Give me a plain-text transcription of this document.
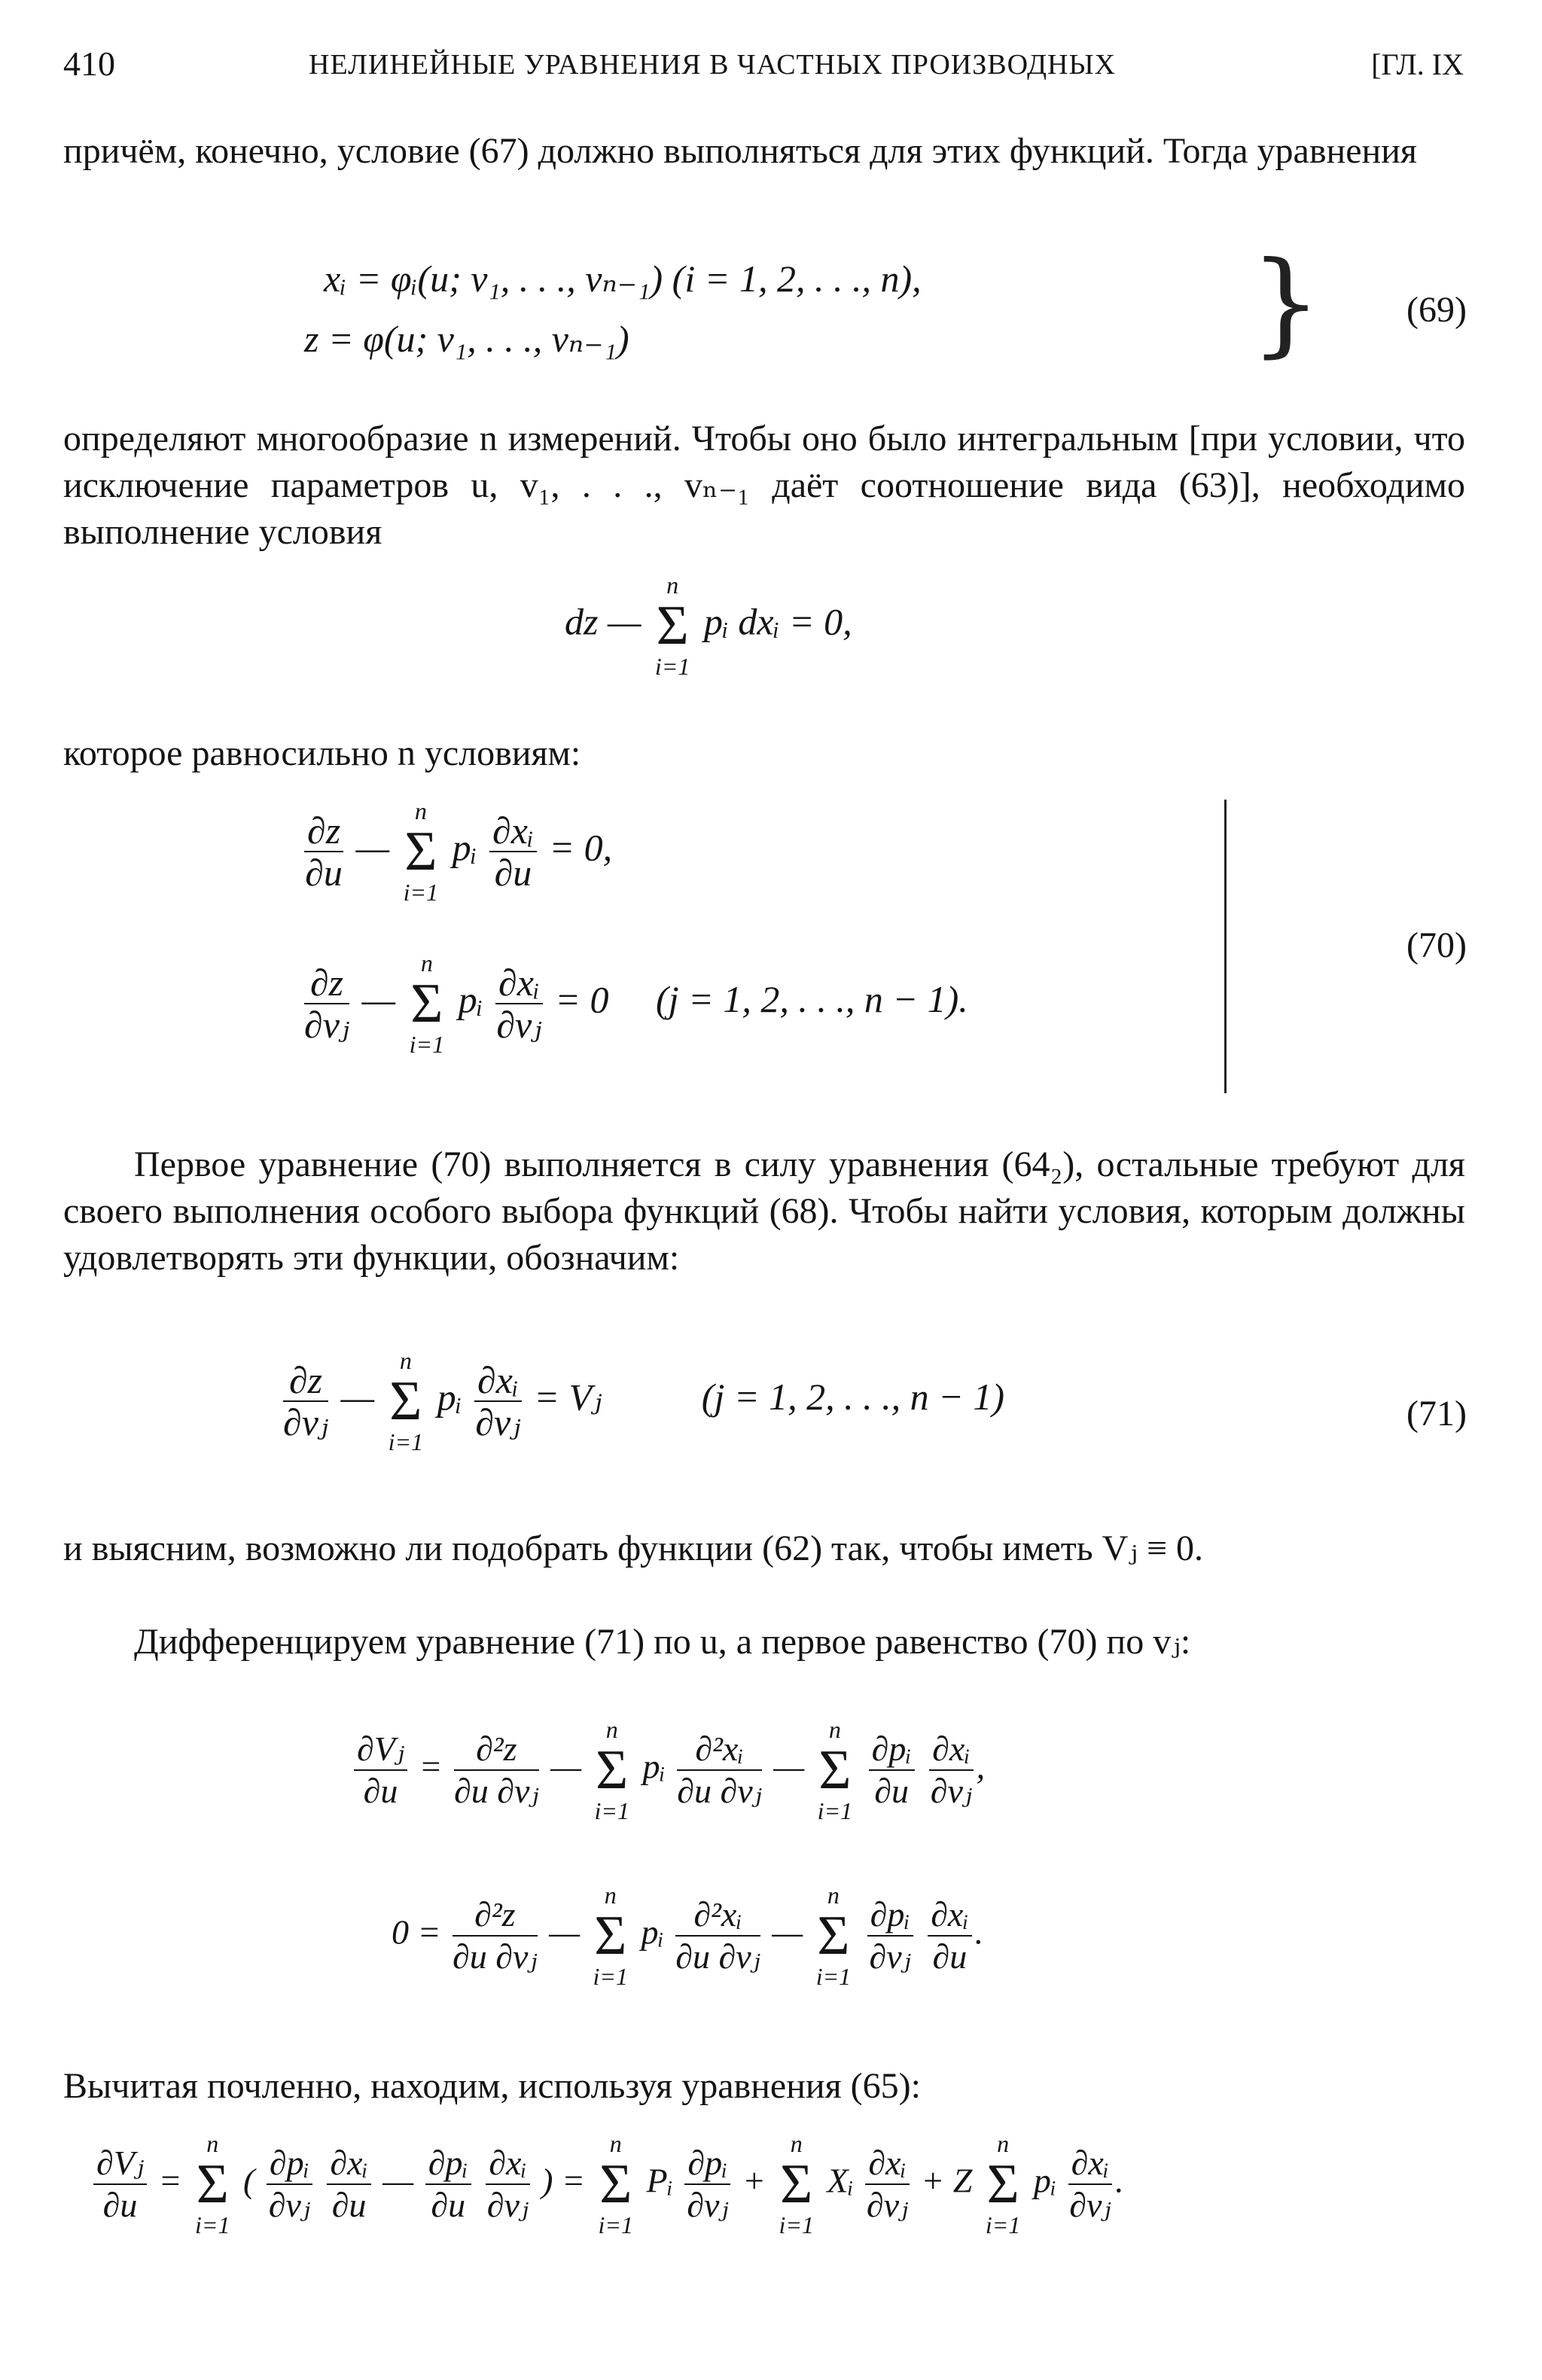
410	НЕЛИНЕЙНЫЕ УРАВНЕНИЯ В ЧАСТНЫХ ПРОИЗВОДНЫХ	[ГЛ. IX

причём, конечно, условие (67) должно выполняться для этих функций. Тогда уравнения

xᵢ = φᵢ(u; v₁, . . ., vₙ₋₁) (i = 1, 2, . . ., n),
z = φ(u; v₁, . . ., vₙ₋₁)	} (69)

определяют многообразие n измерений. Чтобы оно было интегральным [при условии, что исключение параметров u, v₁, . . ., vₙ₋₁ даёт соотношение вида (63)], необходимо выполнение условия

dz —
n
Σ
i=1
pᵢ dxᵢ = 0,

которое равносильно n условиям:

$\frac{\partial z}{\partial u}$ —
n
Σ
i=1
pᵢ $\frac{\text{∂xᵢ}}{\partial u} = 0$,
$\frac{\partial z}{\text{∂vⱼ}}$ —
n
Σ
i=1
pᵢ $\frac{\text{∂xᵢ}}{\text{∂vⱼ}} = 0$ (j = 1, 2, . . ., n − 1).
(70)

Первое уравнение (70) выполняется в силу уравнения (64₂), остальные требуют для своего выполнения особого выбора функций (68). Чтобы найти условия, которым должны удовлетворять эти функции, обозначим:

$\frac{\partial z}{\text{∂vⱼ}}$ —
n
Σ
i=1
pᵢ $\frac{\text{∂xᵢ}}{\text{∂vⱼ}}$ = Vⱼ	(j = 1, 2, . . ., n − 1)	(71)

и выясним, возможно ли подобрать функции (62) так, чтобы иметь Vⱼ ≡ 0.

Дифференцируем уравнение (71) по u, а первое равенство (70) по vⱼ:

$\frac{\text{∂Vⱼ}}{\partial u} = \frac{\text{∂²z}}{\text{∂u ∂vⱼ}}$ —
n
Σ
i=1
pᵢ $\frac{\text{∂²xᵢ}}{\text{∂u ∂vⱼ}}$ —
n
Σ
i=1
$\frac{\text{∂pᵢ}}{\partial u}$
$\frac{\text{∂xᵢ}}{\text{∂vⱼ}}$ ,
$0 = \frac{\text{∂²z}}{\text{∂u ∂vⱼ}}$ —
n
Σ
i=1
pᵢ $\frac{\text{∂²xᵢ}}{\text{∂u ∂vⱼ}}$ —
n
Σ
i=1
$\frac{\text{∂pᵢ}}{\text{∂vⱼ}}$
$\frac{\text{∂xᵢ}}{\partial u}$ .

Вычитая почленно, находим, используя уравнения (65):

$\frac{\text{∂Vⱼ}}{\partial u}$ =
n
Σ
i=1
( $\frac{\text{∂pᵢ}}{\text{∂vⱼ}}$
$\frac{\text{∂xᵢ}}{\partial u}$ — $\frac{\text{∂pᵢ}}{\partial u}$
$\frac{\text{∂xᵢ}}{\text{∂vⱼ}}$ ) =
n
Σ
i=1
Pᵢ $\frac{\text{∂pᵢ}}{\text{∂vⱼ}}$ +
n
Σ
i=1
Xᵢ $\frac{\text{∂xᵢ}}{\text{∂vⱼ}} + Z$
n
Σ
i=1
pᵢ $\frac{\text{∂xᵢ}}{\text{∂vⱼ}}$ .
